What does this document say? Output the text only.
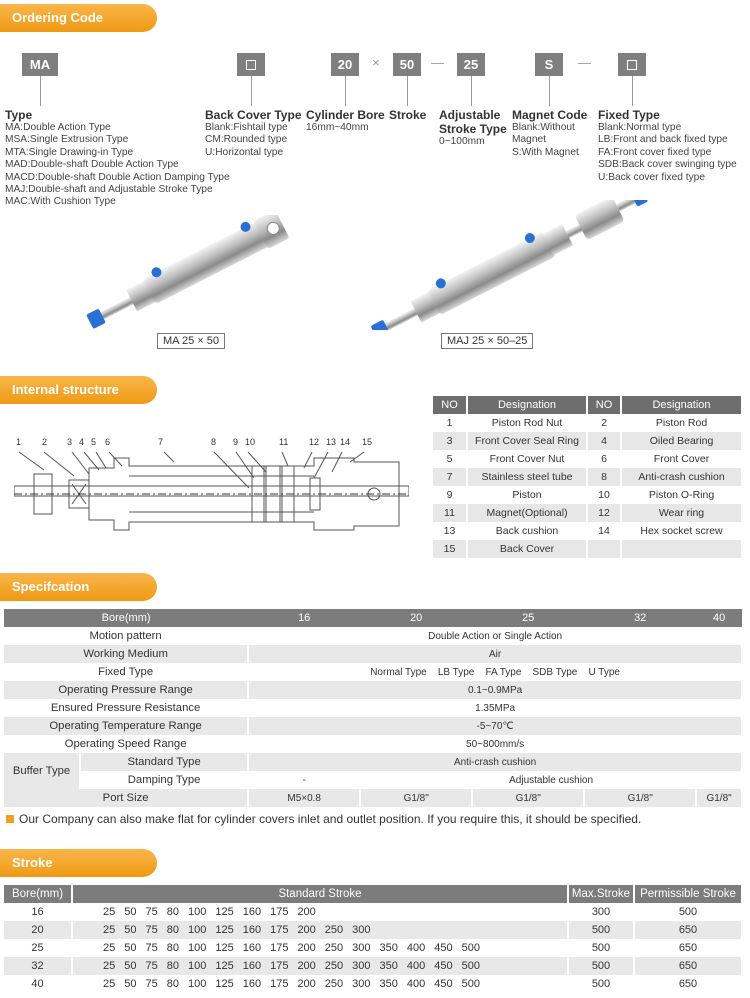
Ordering Code
MA	20	×	50	—	25	S	—
Type
MA:Double Action Type
MSA:Single Extrusion Type
MTA:Single Drawing-in Type
MAD:Double-shaft Double Action Type
MACD:Double-shaft Double Action Damping Type
MAJ:Double-shaft and Adjustable Stroke Type
MAC:With Cushion Type
Back Cover Type
Blank:Fishtail type
CM:Rounded type
U:Horizontal type
Cylinder Bore
16mm~40mm
Stroke Adjustable Stroke Type
0~100mm
Magnet Code
Blank:Without Magnet
S:With Magnet
Fixed Type
Blank:Normal type
LB:Front and back fixed type
FA:Front cover fixed type
SDB:Back cover swinging type
U:Back cover fixed type
MA 25 × 50	MAJ 25 × 50–25
Internal structure
1 2 3 4 5 6	7	8 9 10	11 12 13 14 15
NO	Designation	NO	Designation
1	Piston Rod Nut	2	Piston Rod
3	Front Cover Seal Ring	4	Oiled Bearing
5	Front Cover Nut	6	Front Cover
7	Stainless steel tube	8	Anti-crash cushion
9	Piston	10	Piston O-Ring
11	Magnet(Optional)	12	Wear ring
13	Back cushion	14	Hex socket screw
15	Back Cover		
Specifcation
Bore(mm)		16	20	25	32	40
Motion pattern		Double Action or Single Action				
Working Medium		Air				
Fixed Type		Normal Type    LB Type    FA Type    SDB Type    U Type				
Operating Pressure Range		0.1~0.9MPa				
Ensured Pressure Resistance		1.35MPa				
Operating Temperature Range		-5~70℃				
Operating Speed Range		50~800mm/s				
Buffer Type	Standard Type	Anti-crash cushion				
	Damping Type	-	Adjustable cushion			
Port Size		M5×0.8	G1/8"	G1/8"	G1/8"	G1/8"
Our Company can also make flat for cylinder covers inlet and outlet position. If you require this, it should be specified.
Stroke
Bore(mm)	Standard Stroke	Max.Stroke	Permissible Stroke
16	25 50 75 80 100 125 160 175 200	300	500
20	25 50 75 80 100 125 160 175 200 250 300	500	650
25	25 50 75 80 100 125 160 175 200 250 300 350 400 450 500	500	650
32	25 50 75 80 100 125 160 175 200 250 300 350 400 450 500	500	650
40	25 50 75 80 100 125 160 175 200 250 300 350 400 450 500	500	650
